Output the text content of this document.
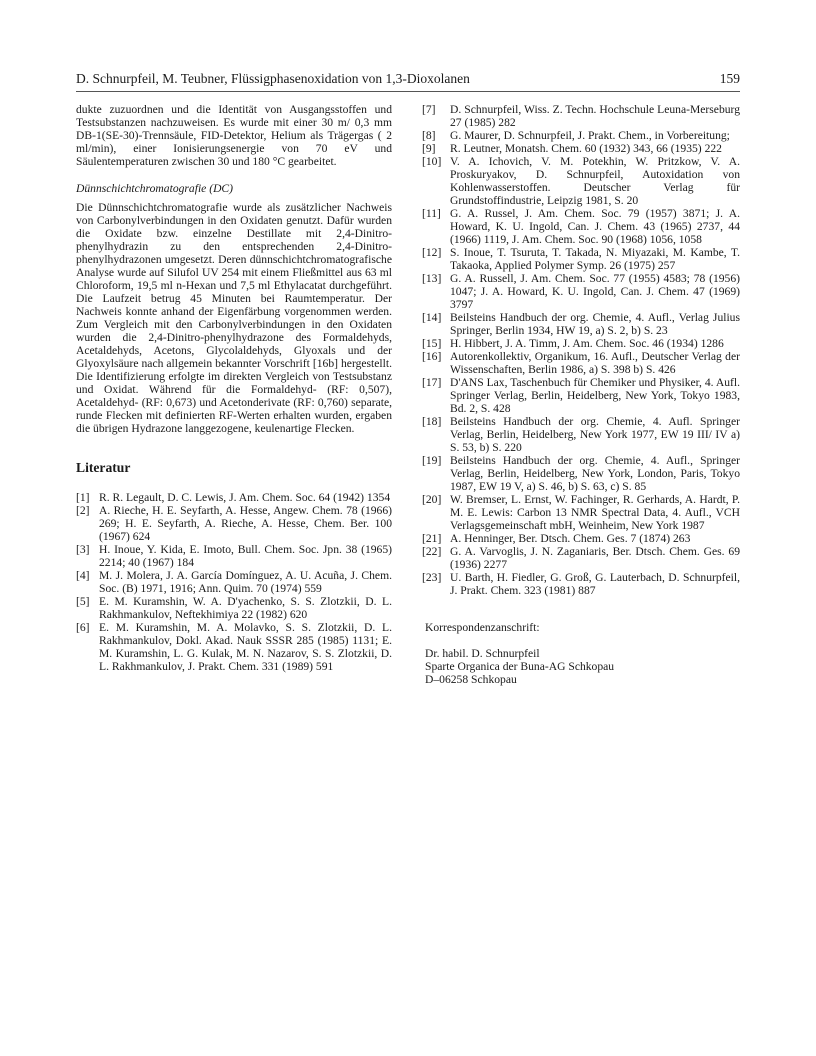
D. Schnurpfeil, M. Teubner, Flüssigphasenoxidation von 1,3-Dioxolanen	159

dukte zuzuordnen und die Identität von Ausgangsstoffen und Testsubstanzen nachzuweisen. Es wurde mit einer 30 m/ 0,3 mm DB-1(SE-30)-Trennsäule, FID-Detektor, Helium als Trägergas ( 2 ml/min), einer Ionisierungsenergie von 70 eV und Säulentemperaturen zwischen 30 und 180 °C gearbeitet.

Dünnschichtchromatografie (DC)

Die Dünnschichtchromatografie wurde als zusätzlicher Nachweis von Carbonylverbindungen in den Oxidaten genutzt. Dafür wurden die Oxidate bzw. einzelne Destillate mit 2,4-Dinitro-phenylhydrazin zu den entsprechenden 2,4-Dinitro-phenylhydrazonen umgesetzt. Deren dünnschichtchromatografische Analyse wurde auf Silufol UV 254 mit einem Fließmittel aus 63 ml Chloroform, 19,5 ml n-Hexan und 7,5 ml Ethylacatat durchgeführt. Die Laufzeit betrug 45 Minuten bei Raumtemperatur. Der Nachweis konnte anhand der Eigenfärbung vorgenommen werden. Zum Vergleich mit den Carbonylverbindungen in den Oxidaten wurden die 2,4-Dinitro-phenylhydrazone des Formaldehyds, Acetaldehyds, Acetons, Glycolaldehyds, Glyoxals und der Glyoxylsäure nach allgemein bekannter Vorschrift [16b] hergestellt. Die Identifizierung erfolgte im direkten Vergleich von Testsubstanz und Oxidat. Während für die Formaldehyd- (RF: 0,507), Acetaldehyd- (RF: 0,673) und Acetonderivate (RF: 0,760) separate, runde Flecken mit definierten RF-Werten erhalten wurden, ergaben die übrigen Hydrazone langgezogene, keulenartige Flecken.

Literatur

[1] R. R. Legault, D. C. Lewis, J. Am. Chem. Soc. 64 (1942) 1354

[2] A. Rieche, H. E. Seyfarth, A. Hesse, Angew. Chem. 78 (1966) 269; H. E. Seyfarth, A. Rieche, A. Hesse, Chem. Ber. 100 (1967) 624

[3] H. Inoue, Y. Kida, E. Imoto, Bull. Chem. Soc. Jpn. 38 (1965) 2214; 40 (1967) 184

[4] M. J. Molera, J. A. García Domínguez, A. U. Acuña, J. Chem. Soc. (B) 1971, 1916; Ann. Quim. 70 (1974) 559

[5] E. M. Kuramshin, W. A. D'yachenko, S. S. Zlotzkii, D. L. Rakhmankulov, Neftekhimiya 22 (1982) 620

[6] E. M. Kuramshin, M. A. Molavko, S. S. Zlotzkii, D. L. Rakhmankulov, Dokl. Akad. Nauk SSSR 285 (1985) 1131; E. M. Kuramshin, L. G. Kulak, M. N. Nazarov, S. S. Zlotzkii, D. L. Rakhmankulov, J. Prakt. Chem. 331 (1989) 591

[7] D. Schnurpfeil, Wiss. Z. Techn. Hochschule Leuna-Merseburg 27 (1985) 282

[8] G. Maurer, D. Schnurpfeil, J. Prakt. Chem., in Vorbereitung;

[9] R. Leutner, Monatsh. Chem. 60 (1932) 343, 66 (1935) 222

[10] V. A. Ichovich, V. M. Potekhin, W. Pritzkow, V. A. Proskuryakov, D. Schnurpfeil, Autoxidation von Kohlenwasserstoffen. Deutscher Verlag für Grundstoffindustrie, Leipzig 1981, S. 20

[11] G. A. Russel, J. Am. Chem. Soc. 79 (1957) 3871; J. A. Howard, K. U. Ingold, Can. J. Chem. 43 (1965) 2737, 44 (1966) 1119, J. Am. Chem. Soc. 90 (1968) 1056, 1058

[12] S. Inoue, T. Tsuruta, T. Takada, N. Miyazaki, M. Kambe, T. Takaoka, Applied Polymer Symp. 26 (1975) 257

[13] G. A. Russell, J. Am. Chem. Soc. 77 (1955) 4583; 78 (1956) 1047; J. A. Howard, K. U. Ingold, Can. J. Chem. 47 (1969) 3797

[14] Beilsteins Handbuch der org. Chemie, 4. Aufl., Verlag Julius Springer, Berlin 1934, HW 19, a) S. 2, b) S. 23

[15] H. Hibbert, J. A. Timm, J. Am. Chem. Soc. 46 (1934) 1286

[16] Autorenkollektiv, Organikum, 16. Aufl., Deutscher Verlag der Wissenschaften, Berlin 1986, a) S. 398 b) S. 426

[17] D'ANS Lax, Taschenbuch für Chemiker und Physiker, 4. Aufl. Springer Verlag, Berlin, Heidelberg, New York, Tokyo 1983, Bd. 2, S. 428

[18] Beilsteins Handbuch der org. Chemie, 4. Aufl. Springer Verlag, Berlin, Heidelberg, New York 1977, EW 19 III/ IV a) S. 53, b) S. 220

[19] Beilsteins Handbuch der org. Chemie, 4. Aufl., Springer Verlag, Berlin, Heidelberg, New York, London, Paris, Tokyo 1987, EW 19 V, a) S. 46, b) S. 63, c) S. 85

[20] W. Bremser, L. Ernst, W. Fachinger, R. Gerhards, A. Hardt, P. M. E. Lewis: Carbon 13 NMR Spectral Data, 4. Aufl., VCH Verlagsgemeinschaft mbH, Weinheim, New York 1987

[21] A. Henninger, Ber. Dtsch. Chem. Ges. 7 (1874) 263

[22] G. A. Varvoglis, J. N. Zaganiaris, Ber. Dtsch. Chem. Ges. 69 (1936) 2277

[23] U. Barth, H. Fiedler, G. Groß, G. Lauterbach, D. Schnurpfeil, J. Prakt. Chem. 323 (1981) 887

Korrespondenzanschrift:
Dr. habil. D. Schnurpfeil
Sparte Organica der Buna-AG Schkopau
D–06258 Schkopau
